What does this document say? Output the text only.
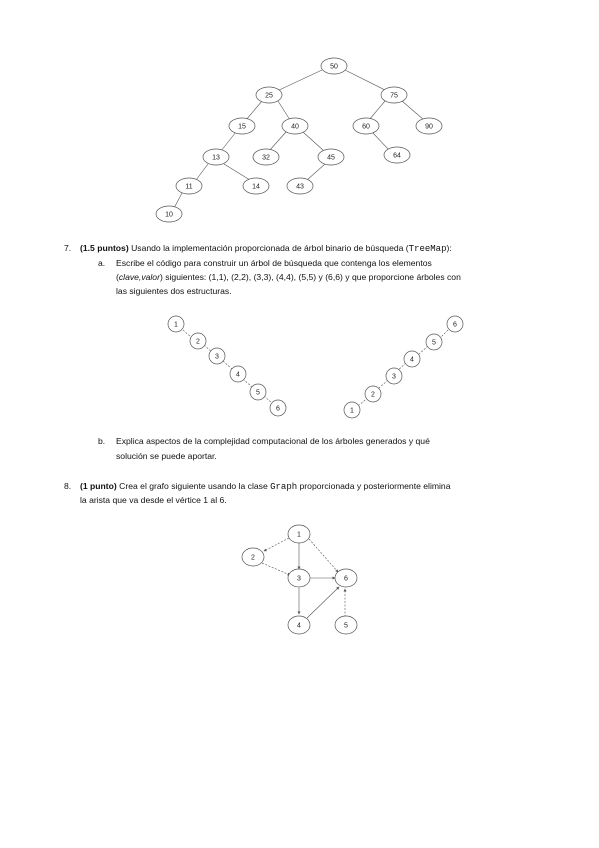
50
25	75
15	40	60	90
13	32	45	64
11	14	43
10
7. (1.5 puntos) Usando la implementación proporcionada de árbol binario de búsqueda (TreeMap):
a. Escribe el código para construir un árbol de búsqueda que contenga los elementos
(clave,valor) siguientes: (1,1), (2,2), (3,3), (4,4), (5,5) y (6,6) y que proporcione árboles con
las siguientes dos estructuras.
1
2
3
4
5
6
6
5
4
3
2
1
b. Explica aspectos de la complejidad computacional de los árboles generados y qué
solución se puede aportar.
8. (1 punto) Crea el grafo siguiente usando la clase Graph proporcionada y posteriormente elimina
la arista que va desde el vértice 1 al 6.
1
2
3	6
4	5
